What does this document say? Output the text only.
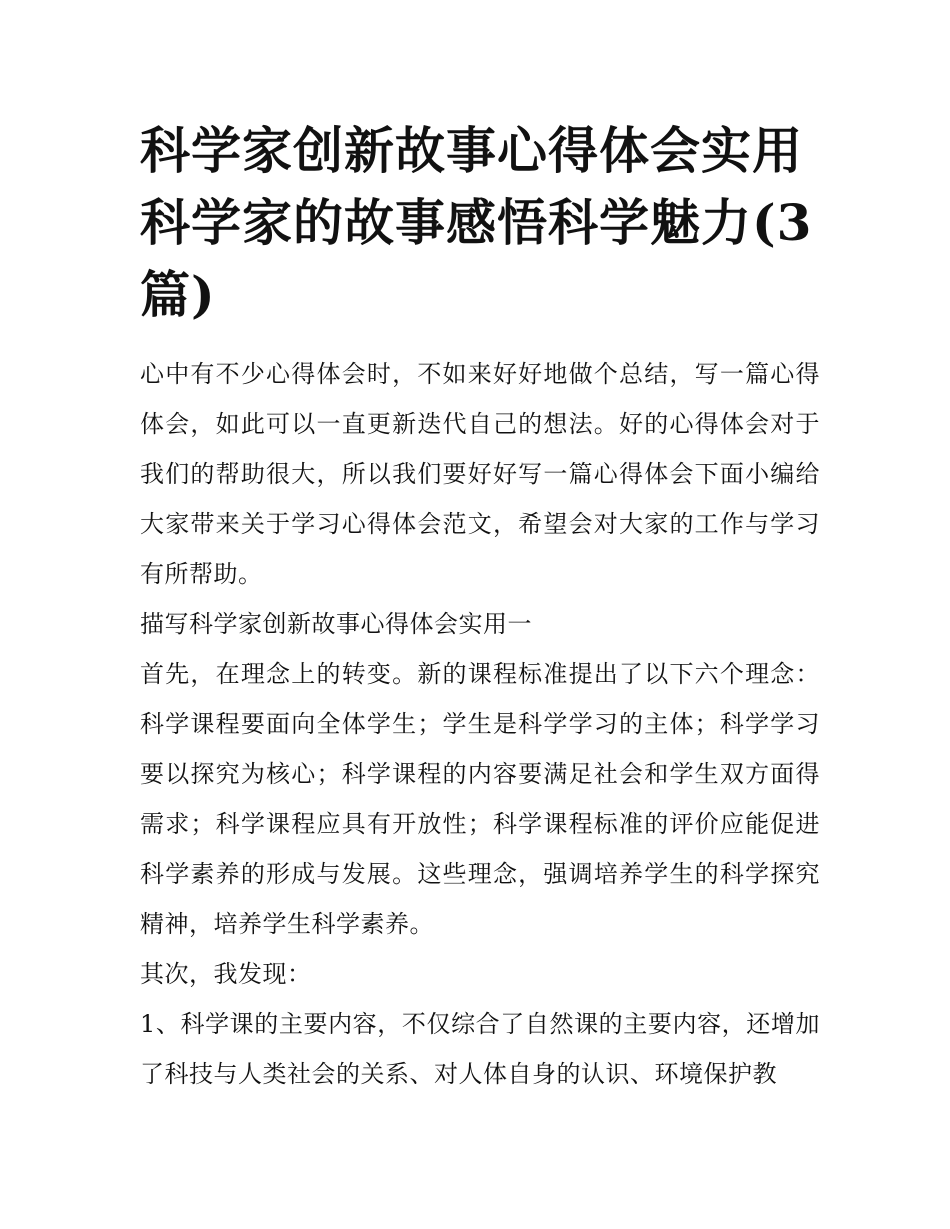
科学家创新故事心得体会实用科学家的故事感悟科学魅力(3篇)

心中有不少心得体会时，不如来好好地做个总结，写一篇心得体会，如此可以一直更新迭代自己的想法。好的心得体会对于我们的帮助很大，所以我们要好好写一篇心得体会下面小编给大家带来关于学习心得体会范文，希望会对大家的工作与学习有所帮助。

描写科学家创新故事心得体会实用一

首先，在理念上的转变。新的课程标准提出了以下六个理念：科学课程要面向全体学生；学生是科学学习的主体；科学学习要以探究为核心；科学课程的内容要满足社会和学生双方面得需求；科学课程应具有开放性；科学课程标准的评价应能促进科学素养的形成与发展。这些理念，强调培养学生的科学探究精神，培养学生科学素养。

其次，我发现：

1、科学课的主要内容，不仅综合了自然课的主要内容，还增加了科技与人类社会的关系、对人体自身的认识、环境保护教
